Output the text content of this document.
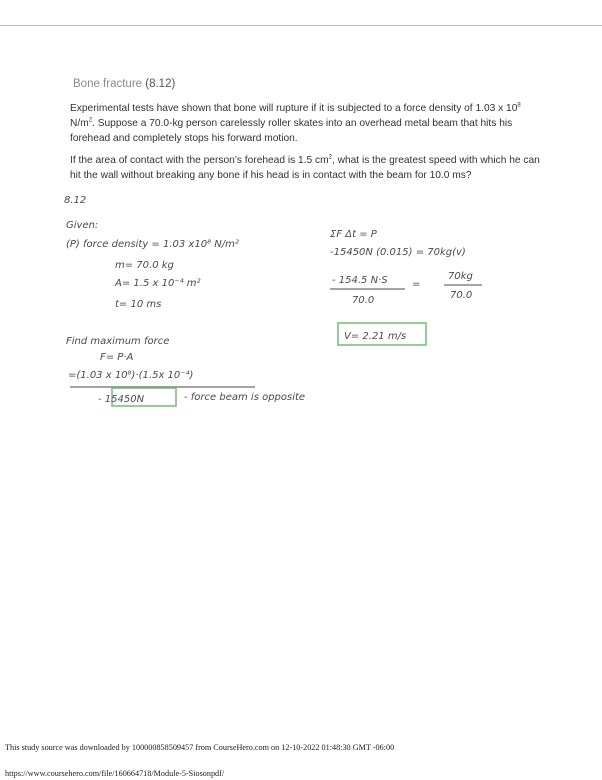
Bone fracture (8.12)

Experimental tests have shown that bone will rupture if it is subjected to a force density of 1.03 x $10^8$ $N/m^2$. Suppose a 70.0-kg person carelessly roller skates into an overhead metal beam that hits his forehead and completely stops his forward motion.

If the area of contact with the person’s forehead is 1.5 $cm^2$, what is the greatest speed with which he can hit the wall without breaking any bone if his head is in contact with the beam for 10.0 ms?

8.12
Given:
(P) force density = 1.03 x10⁸ N/m²
m= 70.0 kg
A= 1.5 x 10⁻⁴ m²
t= 10 ms
ΣF Δt = P
-15450N (0.015) = 70kg(v)
- 154.5 N·S
70.0
=
70kg
70.0
Find maximum force
F= P·A
=(1.03 x 10⁸)·(1.5x 10⁻⁴)
- 15450N	- force beam is opposite
V= 2.21 m/s
This study source was downloaded by 100000858509457 from CourseHero.com on 12-10-2022 01:48:30 GMT -06:00
https://www.coursehero.com/file/160664718/Module-5-Siosonpdf/
